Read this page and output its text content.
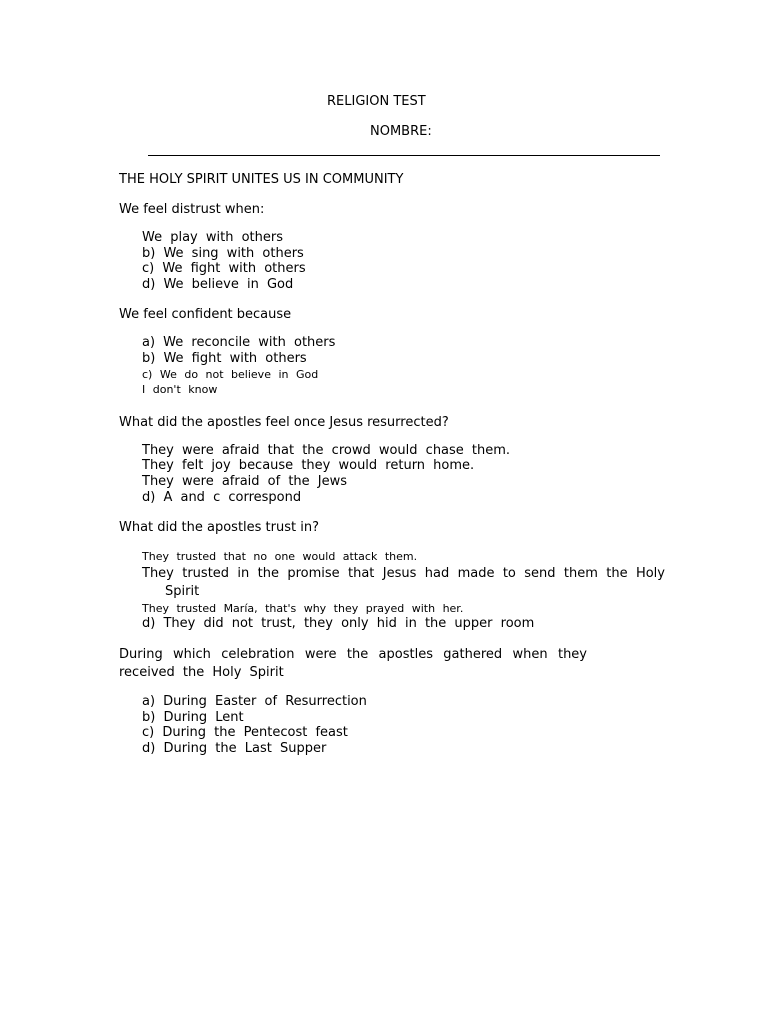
RELIGION TEST
NOMBRE:
THE HOLY SPIRIT UNITES US IN COMMUNITY
We feel distrust when:
We play with others
b) We sing with others
c) We fight with others
d) We believe in God
We feel confident because
a) We reconcile with others
b) We fight with others
c) We do not believe in God
I don't know
What did the apostles feel once Jesus resurrected?
They were afraid that the crowd would chase them.
They felt joy because they would return home.
They were afraid of the Jews
d) A and c correspond
What did the apostles trust in?
They trusted that no one would attack them.
They trusted in the promise that Jesus had made to send them the Holy Spirit
They trusted María, that's why they prayed with her.
d) They did not trust, they only hid in the upper room
During which celebration were the apostles gathered when they received the Holy Spirit
a) During Easter of Resurrection
b) During Lent
c) During the Pentecost feast
d) During the Last Supper
